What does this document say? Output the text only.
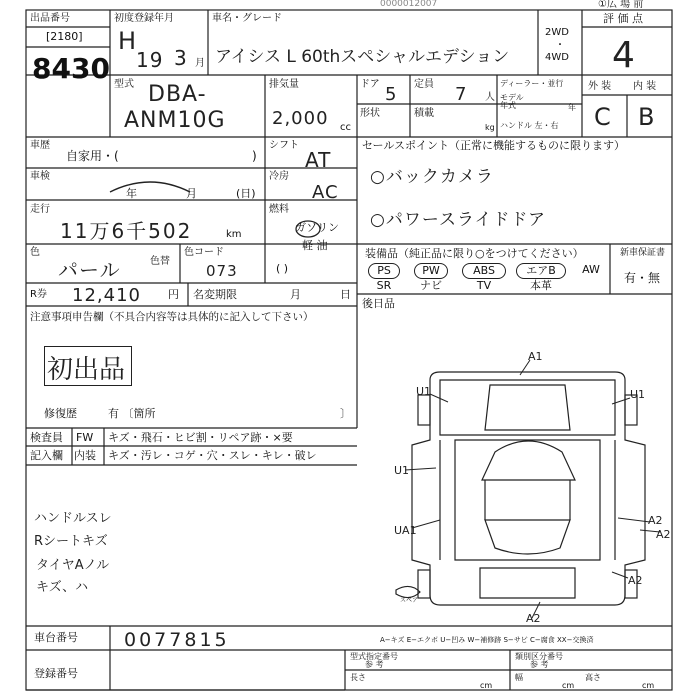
0000012007	①広 場 前
出品番号
[2180]
8430
初度登録年月
H
19 3 月
車名・グレード
アイシス L 60thスペシャルエデション
2WD
・
4WD
評 価 点
4
外 装 内 装
C B
型式 DBA-
ANM10G
排気量
2,000 cc
ドア 5 定員 7 人
形状	積載
kg
ディーラー・並行
モデル年式	年
ハンドル 左・右
車歴
自家用・(	)
シフト
AT
車検
年	月	(日)
冷房
AC
走行
11万6千502	km
燃料
ガソリン
軽 油
( )
色
パール	色替
色コード
073
セールスポイント（正常に機能するものに限ります）
○バックカメラ
○パワースライドドア
R券 12,410 円 名変期限	月	日
装備品（純正品に限り○をつけてください）
PS	PW	ABS	エアB	AW
SR	ナビ	TV	本革
新車保証書
有・無
後日品
注意事項申告欄（不具合内容等は具体的に記入して下さい）
初出品
修復歴	有 〔箇所	〕
検査員
記入欄
FW
内装
キズ・飛石・ヒビ割・リペア跡・×要
キズ・汚レ・コゲ・穴・スレ・キレ・破レ
ハンドルスレ
Rシートキズ
タイヤAノル
キズ、ハ
A1
U1	U1
U1
UA1
A2
A2
A2
A2
スペア
A−キズ E−エクボ U−凹み W−補修跡 S−サビ C−腐食 XX−交換済
車台番号 0077815
登録番号
型式指定番号
参 考
類別区分番号
参 考
長さ
cm
幅
cm
高さ
cm
